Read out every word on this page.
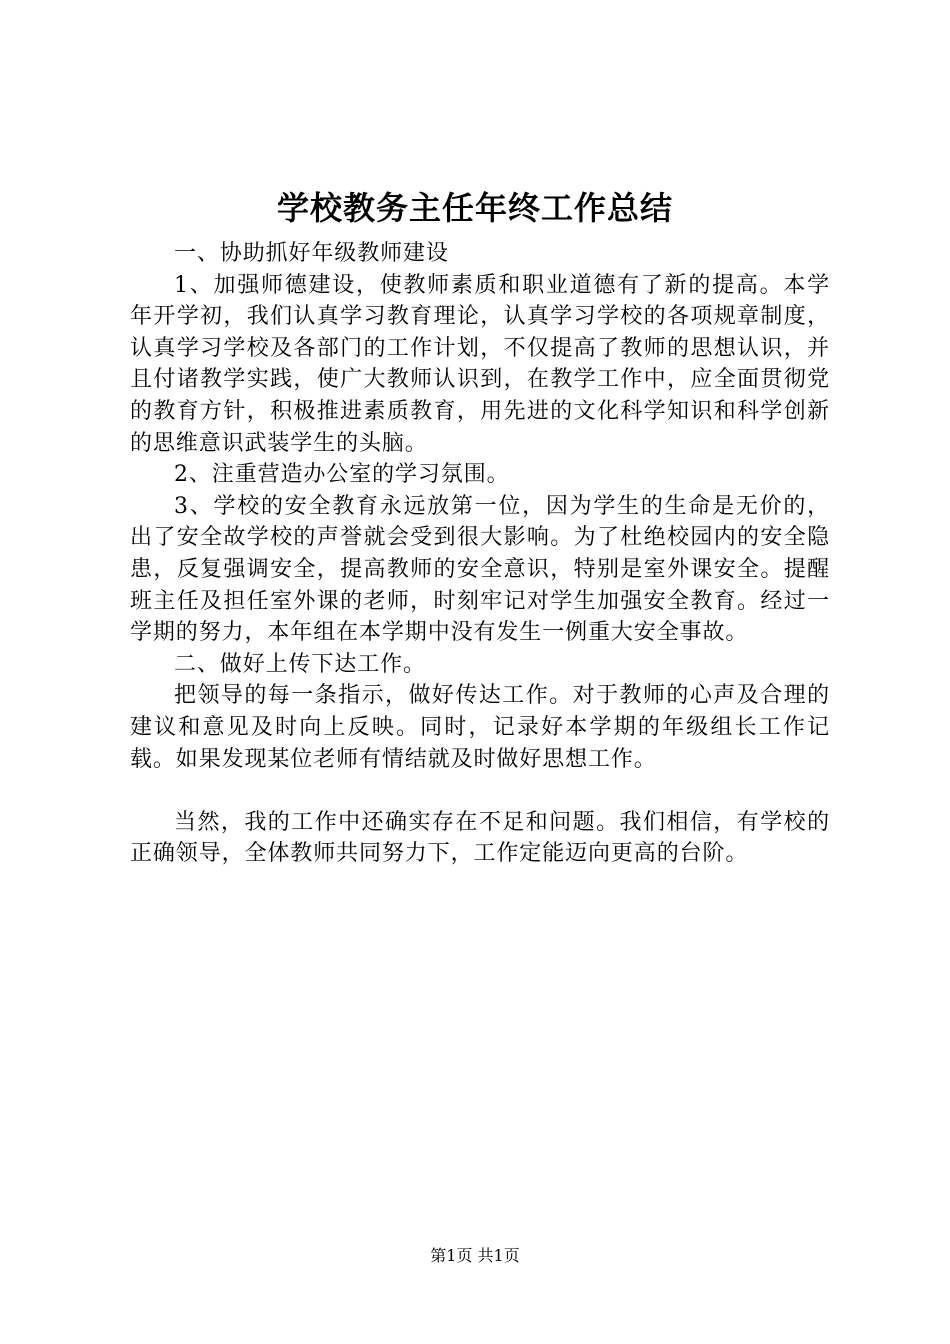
学校教务主任年终工作总结

一、协助抓好年级教师建设

1、加强师德建设，使教师素质和职业道德有了新的提高。本学年开学初，我们认真学习教育理论，认真学习学校的各项规章制度，认真学习学校及各部门的工作计划，不仅提高了教师的思想认识，并且付诸教学实践，使广大教师认识到，在教学工作中，应全面贯彻党的教育方针，积极推进素质教育，用先进的文化科学知识和科学创新的思维意识武装学生的头脑。

2、注重营造办公室的学习氛围。

3、学校的安全教育永远放第一位，因为学生的生命是无价的，出了安全故学校的声誉就会受到很大影响。为了杜绝校园内的安全隐患，反复强调安全，提高教师的安全意识，特别是室外课安全。提醒班主任及担任室外课的老师，时刻牢记对学生加强安全教育。经过一学期的努力，本年组在本学期中没有发生一例重大安全事故。

二、做好上传下达工作。

把领导的每一条指示，做好传达工作。对于教师的心声及合理的建议和意见及时向上反映。同时，记录好本学期的年级组长工作记载。如果发现某位老师有情结就及时做好思想工作。

当然，我的工作中还确实存在不足和问题。我们相信，有学校的正确领导，全体教师共同努力下，工作定能迈向更高的台阶。

第1页 共1页
